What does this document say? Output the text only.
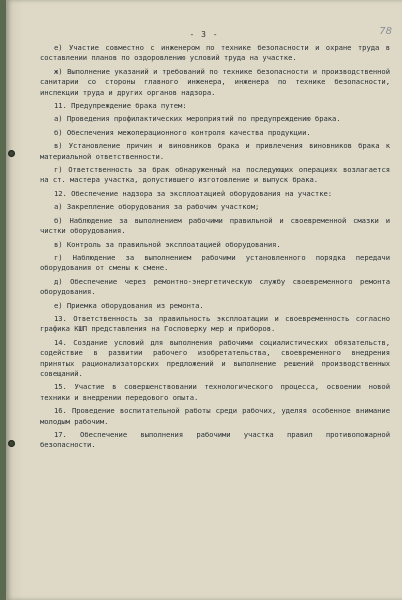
- 3 -	78

е) Участие совместно с инженером по технике безопасности и охране труда в составлении планов по оздоровлению условий труда на участке.

ж) Выполнение указаний и требований по технике безопасности и производственной санитарии со стороны главного инженера, инженера по технике безопасности, инспекции труда и других органов надзора.

11. Предупреждение брака путем:

а) Проведения профилактических мероприятий по предупреждению брака.

б) Обеспечения межоперационного контроля качества продукции.

в) Установление причин и виновников брака и привлечения виновников брака к материальной ответственности.

г) Ответственность за брак обнаруженный на последующих операциях возлагается на ст. мастера участка, допустившего изготовление и выпуск брака.

12. Обеспечение надзора за эксплоатацией оборудования на участке:

а) Закрепление оборудования за рабочим участком;

б) Наблюдение за выполнением рабочими правильной и своевременной смазки и чистки оборудования.

в) Контроль за правильной эксплоатацией оборудования.

г) Наблюдение за выполнением рабочими установленного порядка передачи оборудования от смены к смене.

д) Обеспечение через ремонтно-энергетическую службу своевременного ремонта оборудования.

е) Приемка оборудования из ремонта.

13. Ответственность за правильность эксплоатации и своевременность согласно графика КШП представления на Госповерку мер и приборов.

14. Создание условий для выполнения рабочими социалистических обязательств, содействие в развитии рабочего изобретательства, своевременного внедрения принятых рационализаторских предложений и выполнение решений производственных совещаний.

15. Участие в совершенствовании технологического процесса, освоении новой техники и внедрении передового опыта.

16. Проведение воспитательной работы среди рабочих, уделяя особенное внимание молодым рабочим.

17. Обеспечение выполнения рабочими участка правил противопожарной безопасности.
